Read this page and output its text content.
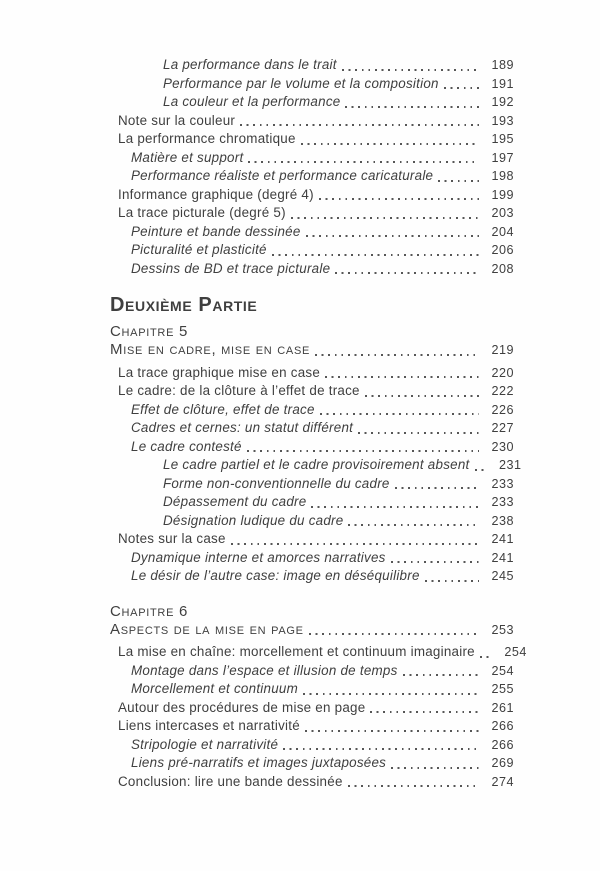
La performance dans le trait	189
Performance par le volume et la composition	191
La couleur et la performance	192
Note sur la couleur	193
La performance chromatique	195
Matière et support	197
Performance réaliste et performance caricaturale	198
Informance graphique (degré 4)	199
La trace picturale (degré 5)	203
Peinture et bande dessinée	204
Picturalité et plasticité	206
Dessins de BD et trace picturale	208
Deuxième Partie
Chapitre 5
Mise en cadre, mise en case	219
La trace graphique mise en case	220
Le cadre: de la clôture à l’effet de trace	222
Effet de clôture, effet de trace	226
Cadres et cernes: un statut différent	227
Le cadre contesté	230
Le cadre partiel et le cadre provisoirement absent	231
Forme non-conventionnelle du cadre	233
Dépassement du cadre	233
Désignation ludique du cadre	238
Notes sur la case	241
Dynamique interne et amorces narratives	241
Le désir de l’autre case: image en déséquilibre	245
Chapitre 6
Aspects de la mise en page	253
La mise en chaîne: morcellement et continuum imaginaire	254
Montage dans l’espace et illusion de temps	254
Morcellement et continuum	255
Autour des procédures de mise en page	261
Liens intercases et narrativité	266
Stripologie et narrativité	266
Liens pré-narratifs et images juxtaposées	269
Conclusion: lire une bande dessinée	274
